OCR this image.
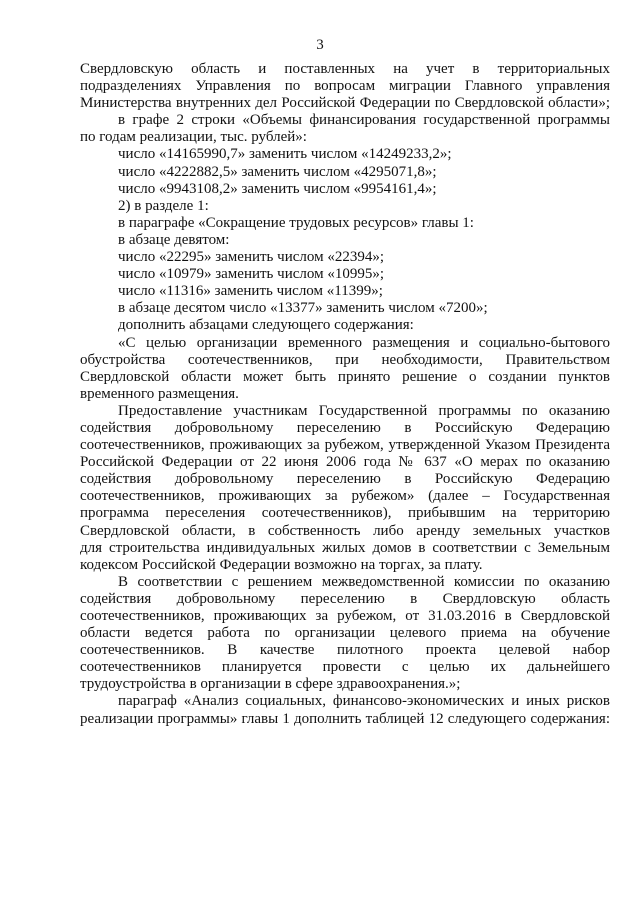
3
Свердловскую область и поставленных на учет в территориальных
подразделениях Управления по вопросам миграции Главного управления
Министерства внутренних дел Российской Федерации по Свердловской области»;
в графе 2 строки «Объемы финансирования государственной программы
по годам реализации, тыс. рублей»:
число «14165990,7» заменить числом «14249233,2»;
число «4222882,5» заменить числом «4295071,8»;
число «9943108,2» заменить числом «9954161,4»;
2) в разделе 1:
в параграфе «Сокращение трудовых ресурсов» главы 1:
в абзаце девятом:
число «22295» заменить числом «22394»;
число «10979» заменить числом «10995»;
число «11316» заменить числом «11399»;
в абзаце десятом число «13377» заменить числом «7200»;
дополнить абзацами следующего содержания:
«С целью организации временного размещения и социально-бытового
обустройства соотечественников, при необходимости, Правительством
Свердловской области может быть принято решение о создании пунктов
временного размещения.
Предоставление участникам Государственной программы по оказанию
содействия добровольному переселению в Российскую Федерацию
соотечественников, проживающих за рубежом, утвержденной Указом Президента
Российской Федерации от 22 июня 2006 года № 637 «О мерах по оказанию
содействия добровольному переселению в Российскую Федерацию
соотечественников, проживающих за рубежом» (далее – Государственная
программа переселения соотечественников), прибывшим на территорию
Свердловской области, в собственность либо аренду земельных участков
для строительства индивидуальных жилых домов в соответствии с Земельным
кодексом Российской Федерации возможно на торгах, за плату.
В соответствии с решением межведомственной комиссии по оказанию
содействия добровольному переселению в Свердловскую область
соотечественников, проживающих за рубежом, от 31.03.2016 в Свердловской
области ведется работа по организации целевого приема на обучение
соотечественников. В качестве пилотного проекта целевой набор
соотечественников планируется провести с целью их дальнейшего
трудоустройства в организации в сфере здравоохранения.»;
параграф «Анализ социальных, финансово-экономических и иных рисков
реализации программы» главы 1 дополнить таблицей 12 следующего содержания:
